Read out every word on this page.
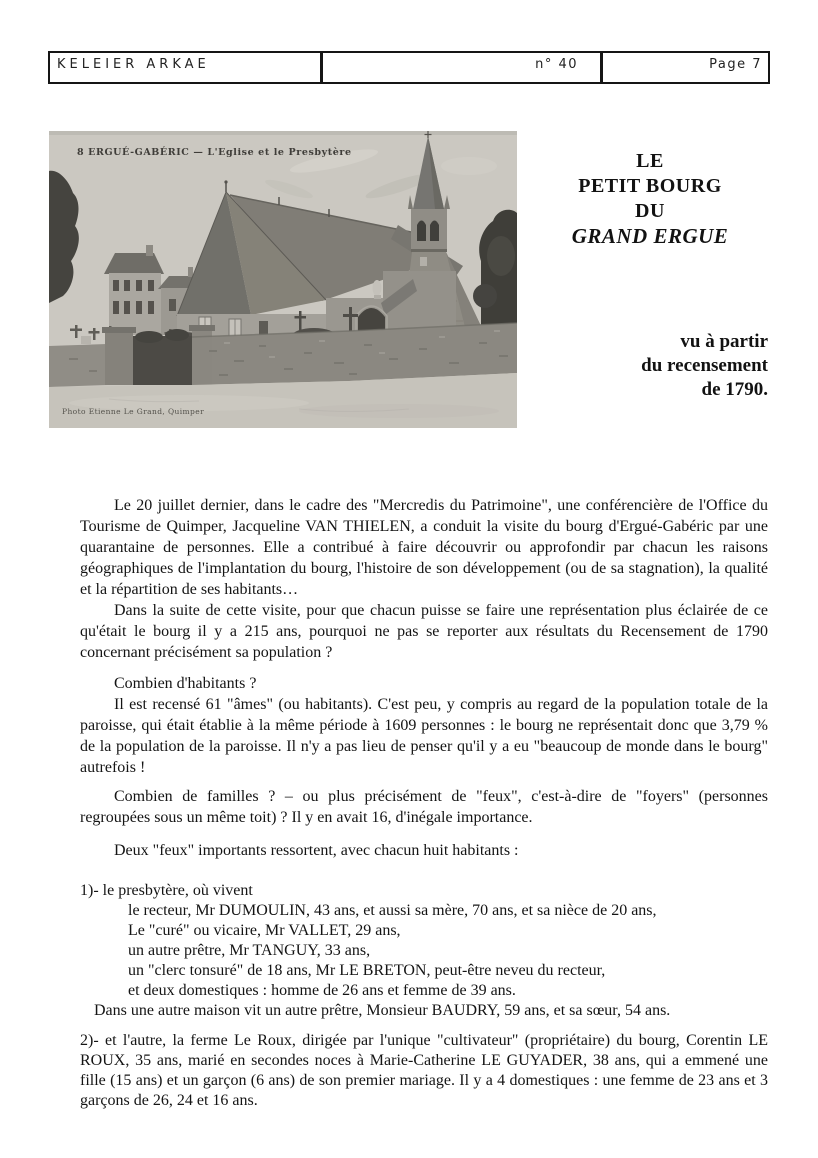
KELEIER ARKAE	n° 40	Page 7
8 ERGUÉ-GABÉRIC — L'Eglise et le Presbytère
Photo Etienne Le Grand, Quimper
LE
PETIT BOURG
DU
GRAND ERGUE
vu à partir
du recensement
de 1790.

Le 20 juillet dernier, dans le cadre des "Mercredis du Patrimoine", une conférencière de l'Office du Tourisme de Quimper, Jacqueline VAN THIELEN, a conduit la visite du bourg d'Ergué-Gabéric par une quarantaine de personnes. Elle a contribué à faire découvrir ou approfondir par chacun les raisons géographiques de l'implantation du bourg, l'histoire de son développement (ou de sa stagnation), la qualité et la répartition de ses habitants…

Dans la suite de cette visite, pour que chacun puisse se faire une représentation plus éclairée de ce qu'était le bourg il y a 215 ans, pourquoi ne pas se reporter aux résultats du Recensement de 1790 concernant précisément sa population ?

Combien d'habitants ?

Il est recensé 61 "âmes" (ou habitants). C'est peu, y compris au regard de la population totale de la paroisse, qui était établie à la même période à 1609 personnes : le bourg ne représentait donc que 3,79 % de la population de la paroisse. Il n'y a pas lieu de penser qu'il y a eu "beaucoup de monde dans le bourg" autrefois !

Combien de familles ? – ou plus précisément de "feux", c'est-à-dire de "foyers" (personnes regroupées sous un même toit) ? Il y en avait 16, d'inégale importance.

Deux "feux" importants ressortent, avec chacun huit habitants :

1)- le presbytère, où vivent
le recteur, Mr DUMOULIN, 43 ans, et aussi sa mère, 70 ans, et sa nièce de 20 ans,
Le "curé" ou vicaire, Mr VALLET, 29 ans,
un autre prêtre, Mr TANGUY, 33 ans,
un "clerc tonsuré" de 18 ans, Mr LE BRETON, peut-être neveu du recteur,
et deux domestiques : homme de 26 ans et femme de 39 ans.
Dans une autre maison vit un autre prêtre, Monsieur BAUDRY, 59 ans, et sa sœur, 54 ans.

2)- et l'autre, la ferme Le Roux, dirigée par l'unique "cultivateur" (propriétaire) du bourg, Corentin LE ROUX, 35 ans, marié en secondes noces à Marie-Catherine LE GUYADER, 38 ans, qui a emmené une fille (15 ans) et un garçon (6 ans) de son premier mariage. Il y a 4 domestiques : une femme de 23 ans et 3 garçons de 26, 24 et 16 ans.
